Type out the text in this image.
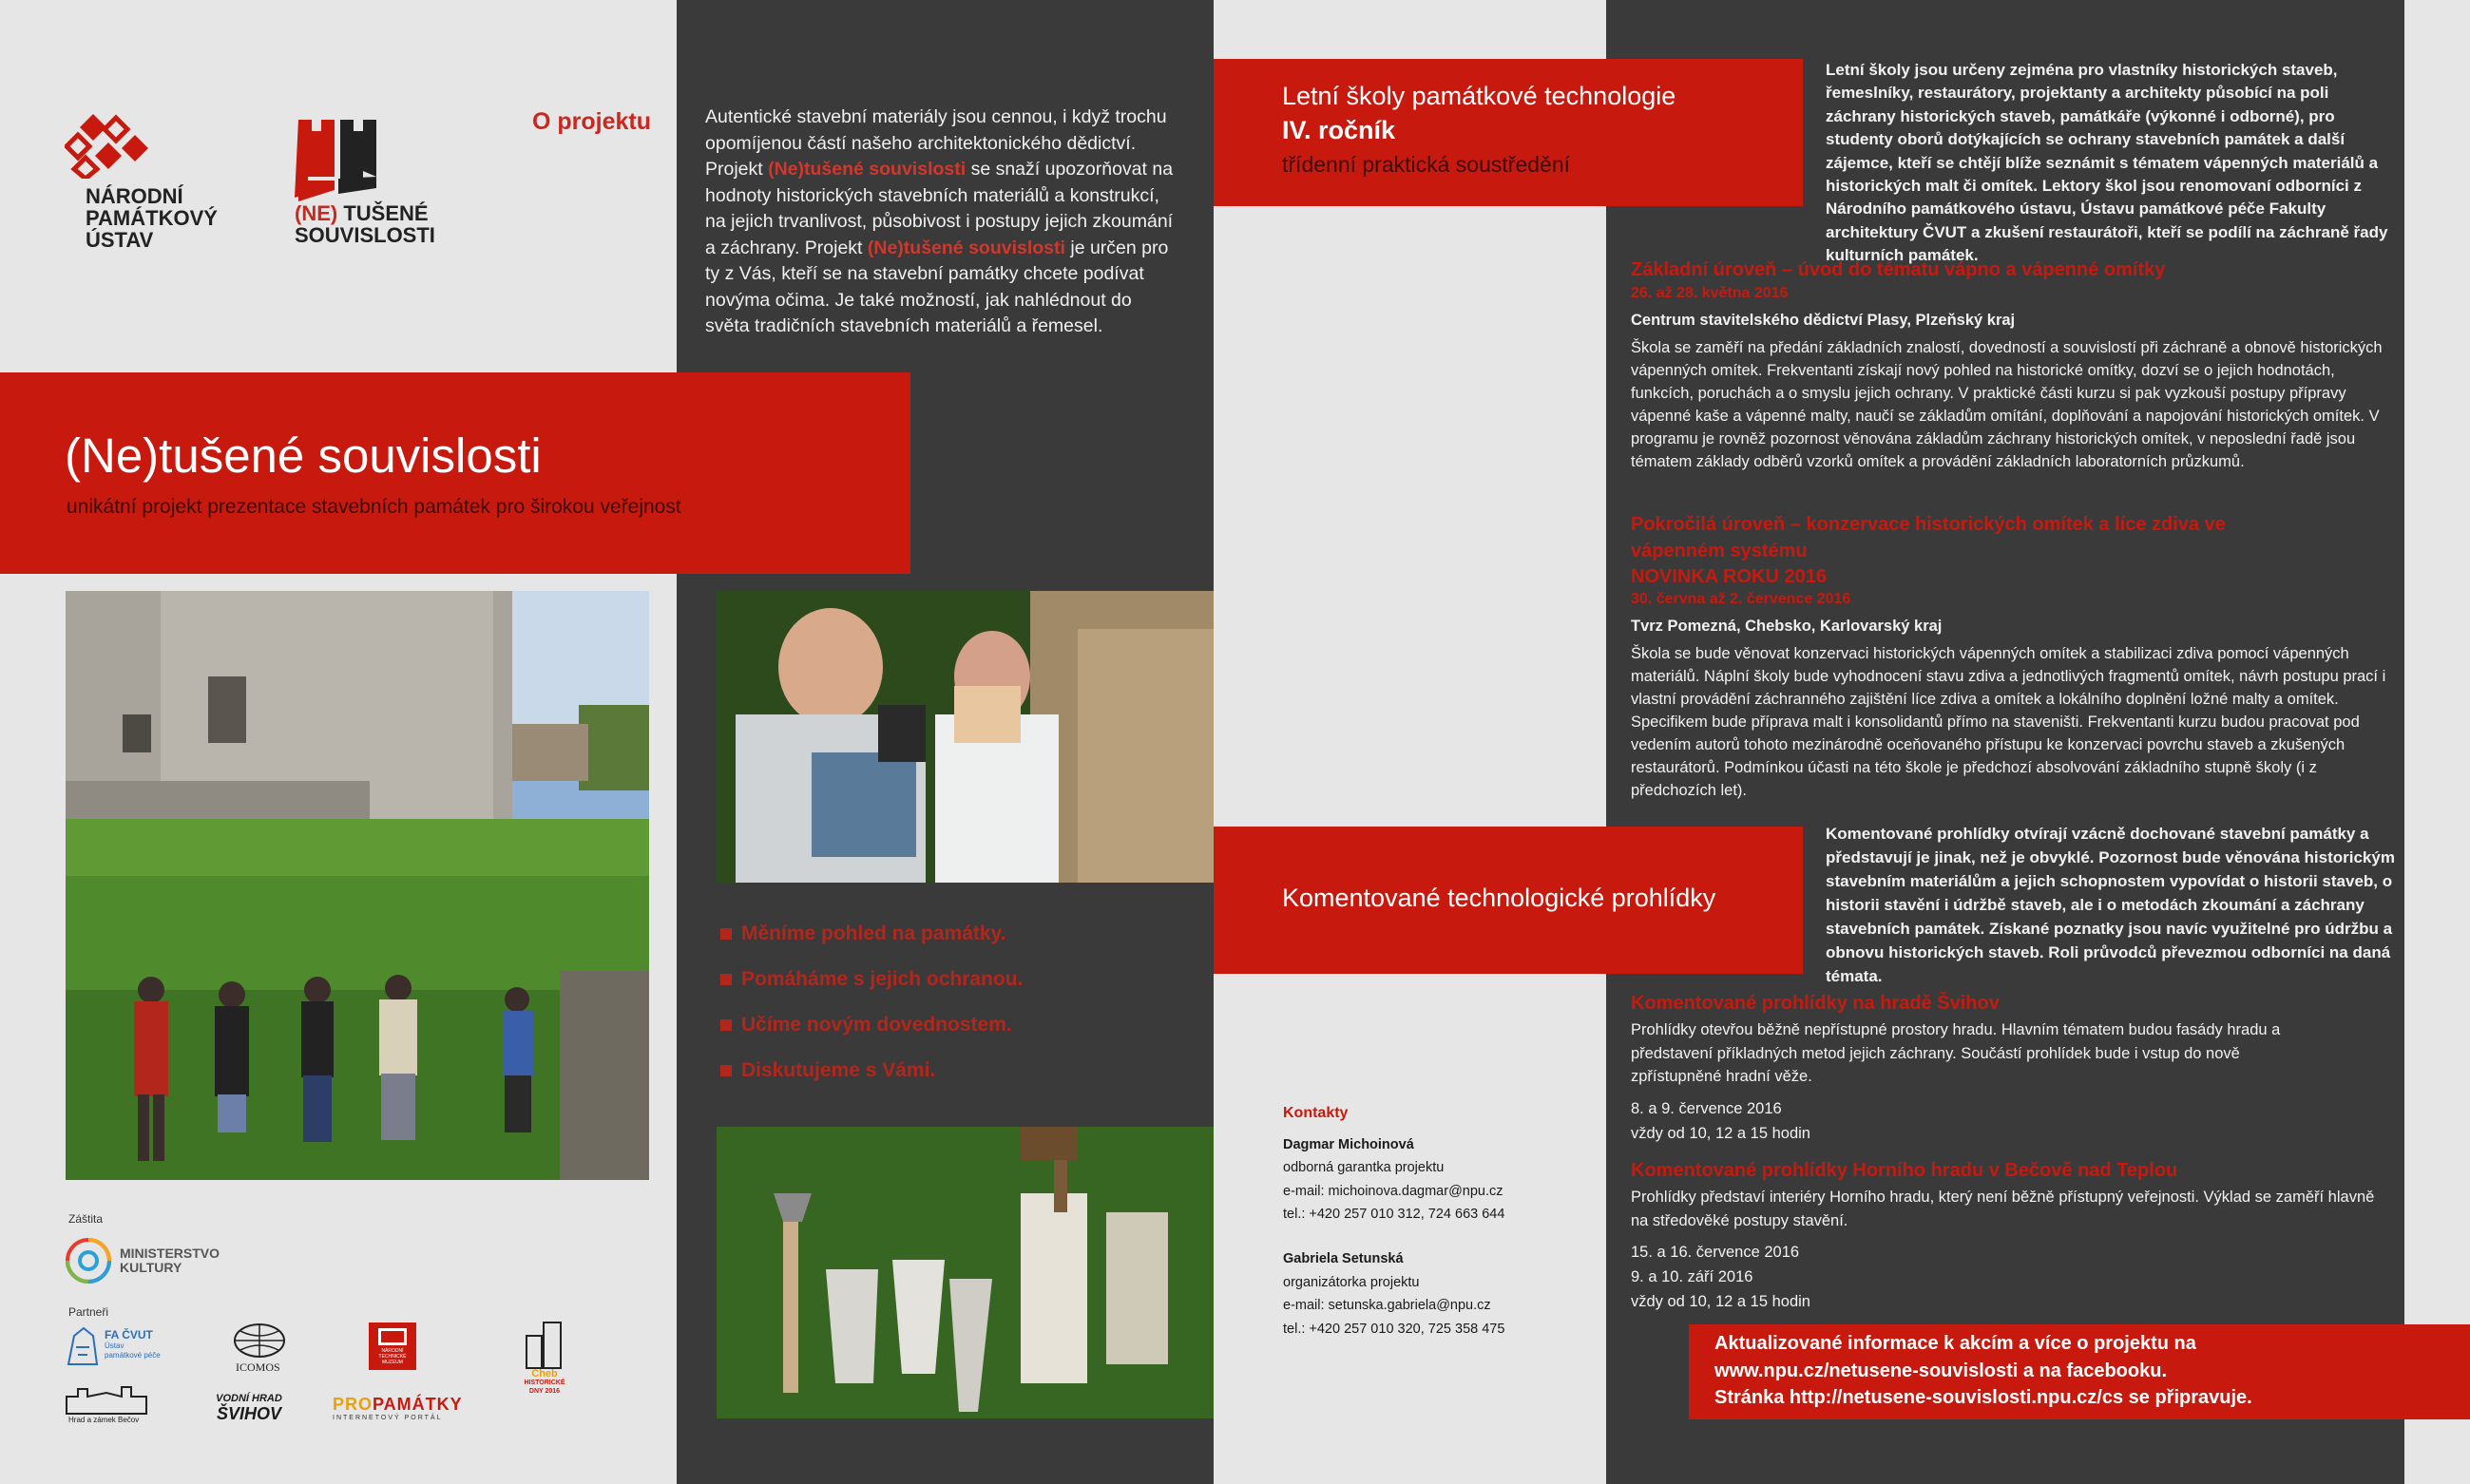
NÁRODNÍ
PAMÁTKOVÝ
ÚSTAV
(NE) TUŠENÉ
SOUVISLOSTI
O projektu	Autentické stavební materiály jsou cennou, i když trochu opomíjenou částí našeho architektonického dědictví. Projekt (Ne)tušené souvislosti se snaží upozorňovat na hodnoty historických stavebních materiálů a konstrukcí, na jejich trvanlivost, působivost i postupy jejich zkoumání a záchrany. Projekt (Ne)tušené souvislosti je určen pro ty z Vás, kteří se na stavební památky chcete podívat novýma očima. Je také možností, jak nahlédnout do světa tradičních stavebních materiálů a řemesel.
(Ne)tušené souvislosti
unikátní projekt prezentace stavebních památek pro širokou veřejnost
Měníme pohled na památky.
Pomáháme s jejich ochranou.
Učíme novým dovednostem.
Diskutujeme s Vámi.
Záštita
MINISTERSTVO
KULTURY
Partneři
FA ČVUT
Ústav památkové péče
ICOMOS
NÁRODNÍ TECHNICKÉ MUZEUM
Cheb
HISTORICKÉ
DNY 2016
Hrad a zámek Bečov
VODNÍ HRAD
ŠVIHOV	PROPAMÁTKY
INTERNETOVÝ PORTÁL
Letní školy památkové technologie
IV. ročník
třídenní praktická soustředění
Letní školy jsou určeny zejména pro vlastníky historických staveb, řemeslníky, restaurátory, projektanty a architekty působící na poli záchrany historických staveb, památkáře (výkonné i odborné), pro studenty oborů dotýkajících se ochrany stavebních památek a další zájemce, kteří se chtějí blíže seznámit s tématem vápenných materiálů a historických malt či omítek. Lektory škol jsou renomovaní odborníci z Národního památkového ústavu, Ústavu památkové péče Fakulty architektury ČVUT a zkušení restaurátoři, kteří se podílí na záchraně řady kulturních památek.
Základní úroveň – úvod do tématu vápno a vápenné omítky
26. až 28. května 2016
Centrum stavitelského dědictví Plasy, Plzeňský kraj
Škola se zaměří na předání základních znalostí, dovedností a souvislostí při záchraně a obnově historických vápenných omítek. Frekventanti získají nový pohled na historické omítky, dozví se o jejich hodnotách, funkcích, poruchách a o smyslu jejich ochrany. V praktické části kurzu si pak vyzkouší postupy přípravy vápenné kaše a vápenné malty, naučí se základům omítání, doplňování a napojování historických omítek. V programu je rovněž pozornost věnována základům záchrany historických omítek, v neposlední řadě jsou tématem základy odběrů vzorků omítek a provádění základních laboratorních průzkumů.
Pokročilá úroveň – konzervace historických omítek a líce zdiva ve vápenném systému
NOVINKA ROKU 2016
30. června až 2. července 2016
Tvrz Pomezná, Chebsko, Karlovarský kraj
Škola se bude věnovat konzervaci historických vápenných omítek a stabilizaci zdiva pomocí vápenných materiálů. Náplní školy bude vyhodnocení stavu zdiva a jednotlivých fragmentů omítek, návrh postupu prací i vlastní provádění záchranného zajištění líce zdiva a omítek a lokálního doplnění ložné malty a omítek. Specifikem bude příprava malt i konsolidantů přímo na staveništi. Frekventanti kurzu budou pracovat pod vedením autorů tohoto mezinárodně oceňovaného přístupu ke konzervaci povrchu staveb a zkušených restaurátorů. Podmínkou účasti na této škole je předchozí absolvování základního stupně školy (i z předchozích let).
Komentované technologické prohlídky
Komentované prohlídky otvírají vzácně dochované stavební památky a představují je jinak, než je obvyklé. Pozornost bude věnována historickým stavebním materiálům a jejich schopnostem vypovídat o historii staveb, o historii stavění i údržbě staveb, ale i o metodách zkoumání a záchrany stavebních památek. Získané poznatky jsou navíc využitelné pro údržbu a obnovu historických staveb. Roli průvodců převezmou odborníci na daná témata.
Komentované prohlídky na hradě Švihov
Prohlídky otevřou běžně nepřístupné prostory hradu. Hlavním tématem budou fasády hradu a představení příkladných metod jejich záchrany. Součástí prohlídek bude i vstup do nově zpřístupněné hradní věže.
8. a 9. července 2016
vždy od 10, 12 a 15 hodin
Komentované prohlídky Horního hradu v Bečově nad Teplou
Prohlídky představí interiéry Horního hradu, který není běžně přístupný veřejnosti. Výklad se zaměří hlavně na středověké postupy stavění.
15. a 16. července 2016
9. a 10. září 2016
vždy od 10, 12 a 15 hodin
Kontakty
Dagmar Michoinová
odborná garantka projektu
e-mail: michoinova.dagmar@npu.cz
tel.: +420 257 010 312, 724 663 644
Gabriela Setunská
organizátorka projektu
e-mail: setunska.gabriela@npu.cz
tel.: +420 257 010 320, 725 358 475
Aktualizované informace k akcím a více o projektu na
www.npu.cz/netusene-souvislosti a na facebooku.
Stránka http://netusene-souvislosti.npu.cz/cs se připravuje.
